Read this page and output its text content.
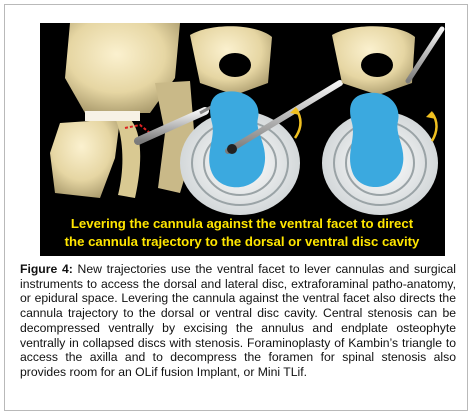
Levering the cannula against the ventral facet to direct
the cannula trajectory to the dorsal or ventral disc cavity
Figure 4: New trajectories use the ventral facet to lever cannulas and surgical instruments to access the dorsal and lateral disc, extraforaminal patho-anatomy, or epidural space. Levering the cannula against the ventral facet also directs the cannula trajectory to the dorsal or ventral disc cavity. Central stenosis can be decompressed ventrally by excising the annulus and endplate osteophyte ventrally in collapsed discs with stenosis. Foraminoplasty of Kambin’s triangle to access the axilla and to decompress the foramen for spinal stenosis also provides room for an OLif fusion Implant, or Mini TLif.
